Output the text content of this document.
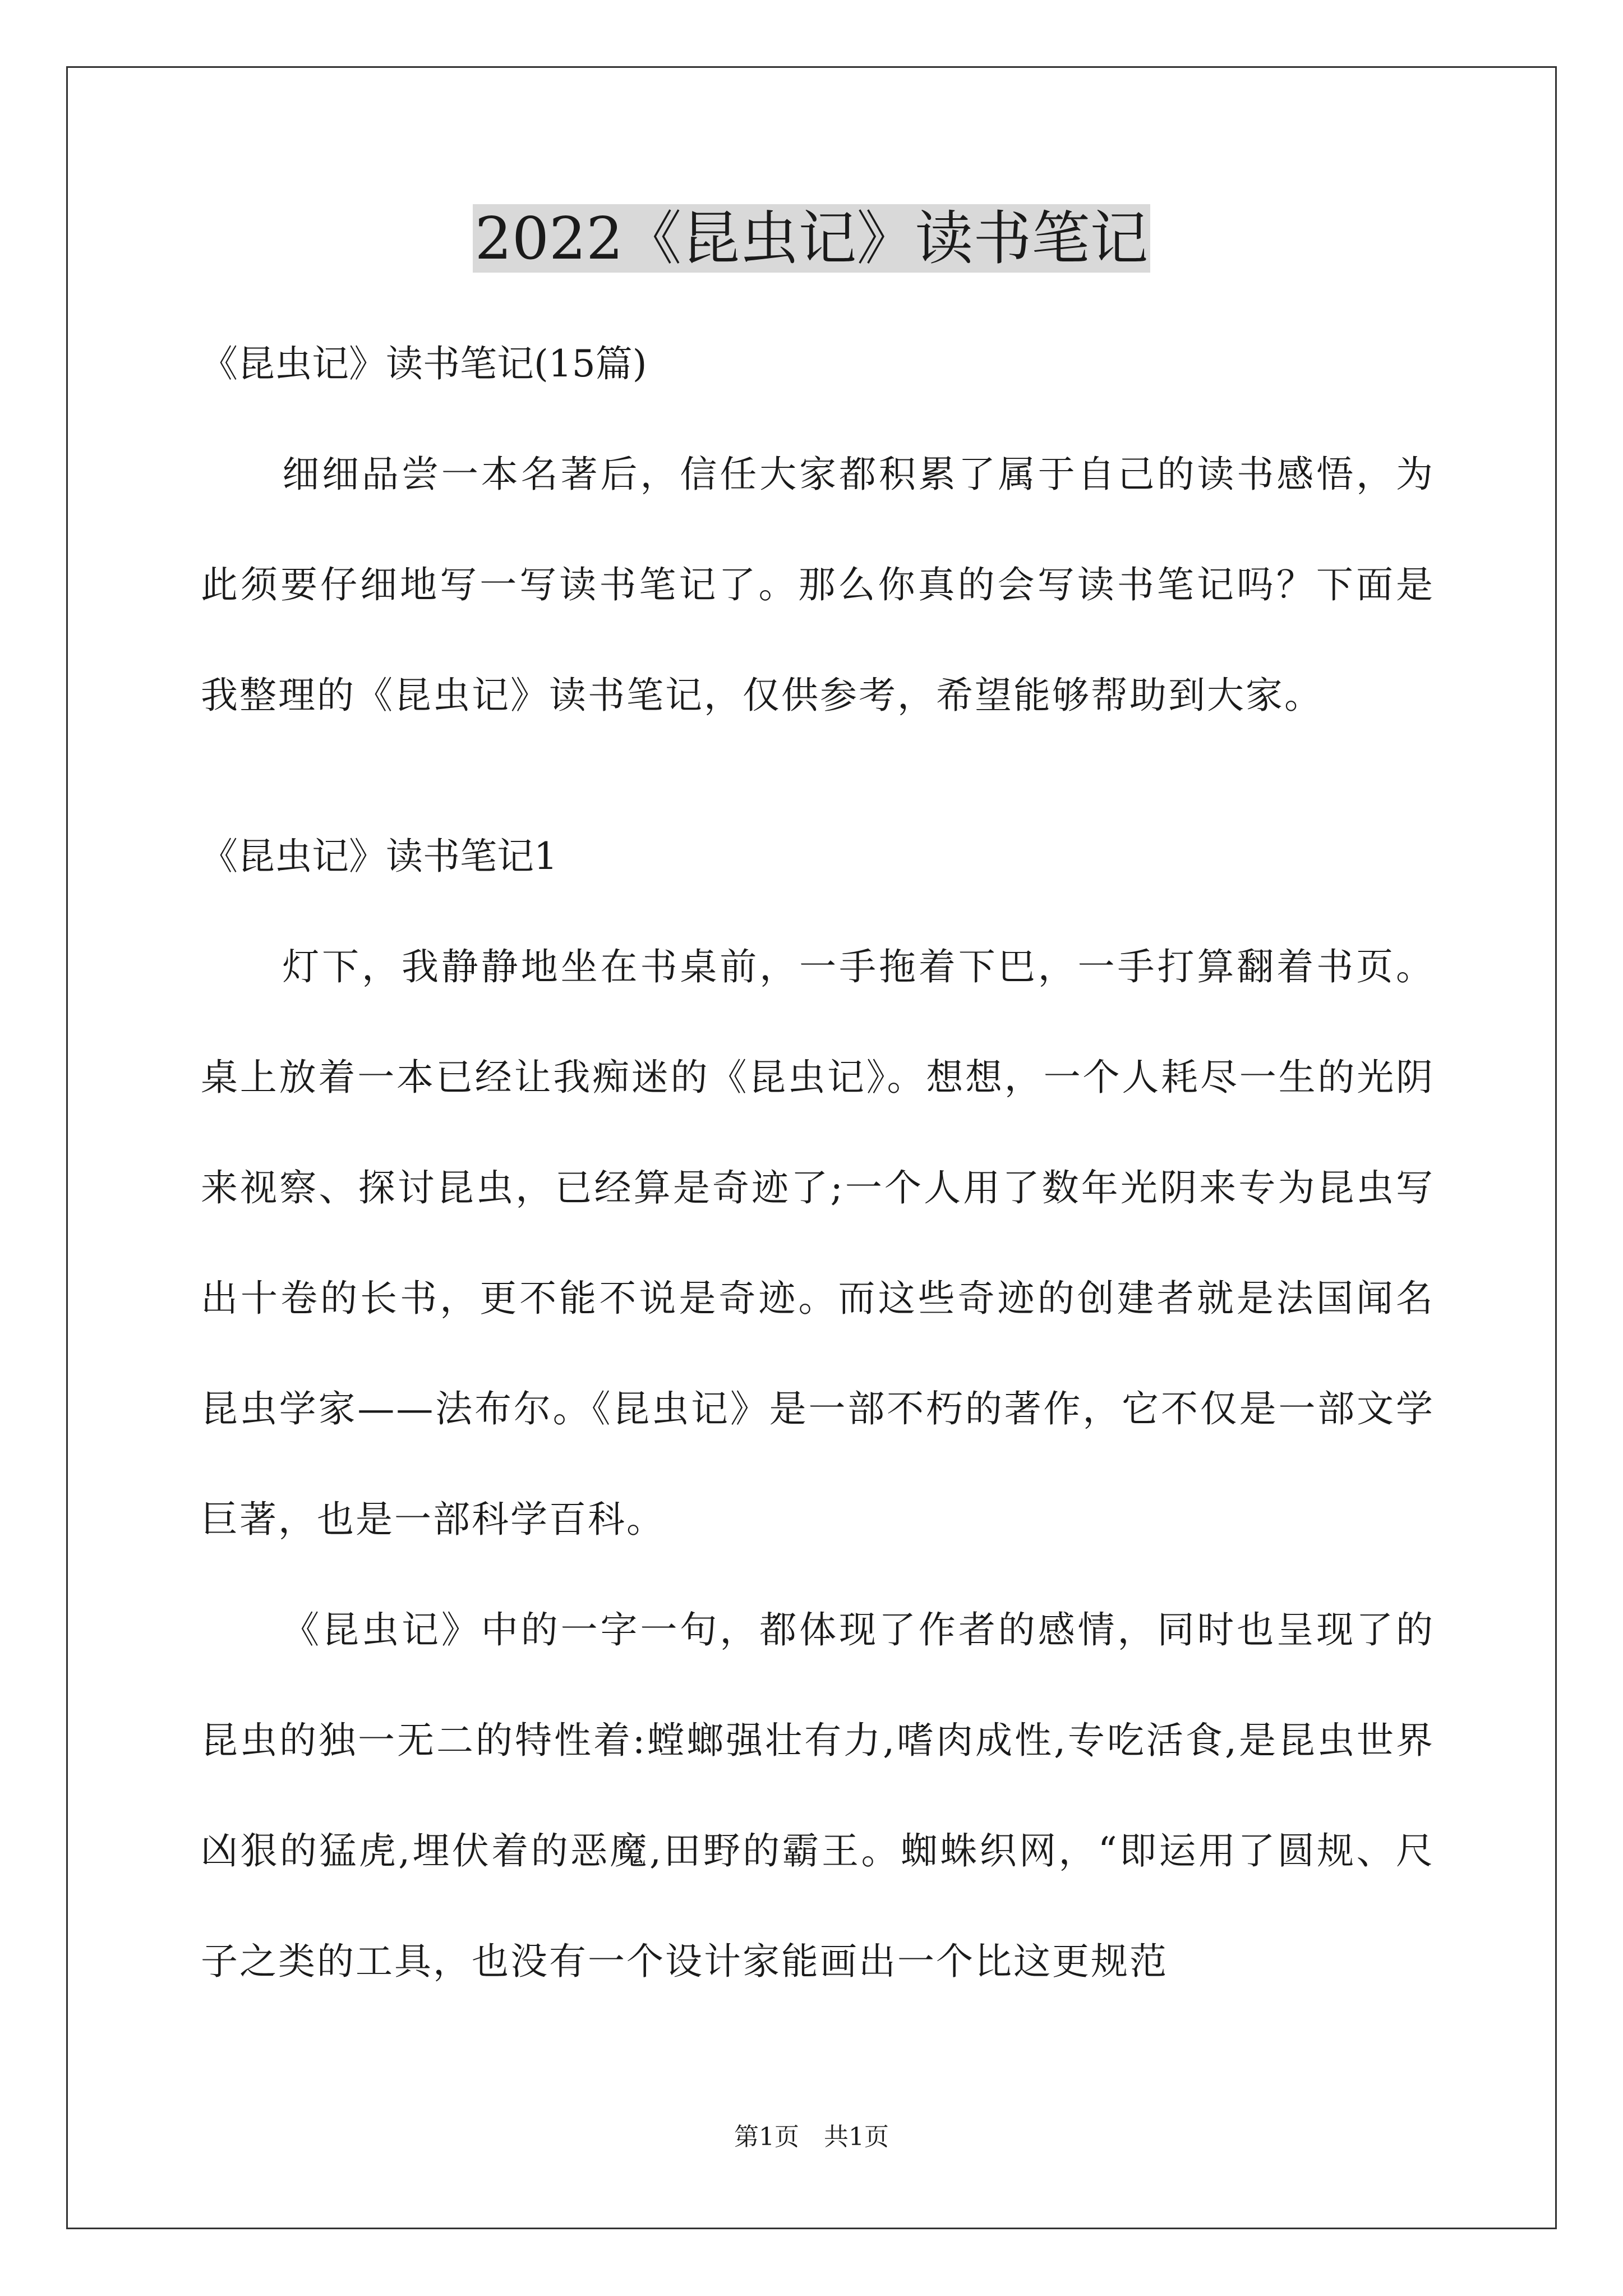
2022《昆虫记》读书笔记

《昆虫记》读书笔记(15篇)

细细品尝一本名著后，信任大家都积累了属于自己的读书感悟，为此须要仔细地写一写读书笔记了。那么你真的会写读书笔记吗？下面是我整理的《昆虫记》读书笔记，仅供参考，希望能够帮助到大家。

《昆虫记》读书笔记1

灯下，我静静地坐在书桌前，一手拖着下巴，一手打算翻着书页。桌上放着一本已经让我痴迷的《昆虫记》。想想，一个人耗尽一生的光阴来视察、探讨昆虫，已经算是奇迹了;一个人用了数年光阴来专为昆虫写出十卷的长书，更不能不说是奇迹。而这些奇迹的创建者就是法国闻名昆虫学家——法布尔。《昆虫记》是一部不朽的著作，它不仅是一部文学巨著，也是一部科学百科。

《昆虫记》中的一字一句，都体现了作者的感情，同时也呈现了的昆虫的独一无二的特性着:螳螂强壮有力,嗜肉成性,专吃活食,是昆虫世界凶狠的猛虎,埋伏着的恶魔,田野的霸王。蜘蛛织网，“即运用了圆规、尺子之类的工具，也没有一个设计家能画出一个比这更规范

第1页　共1页
